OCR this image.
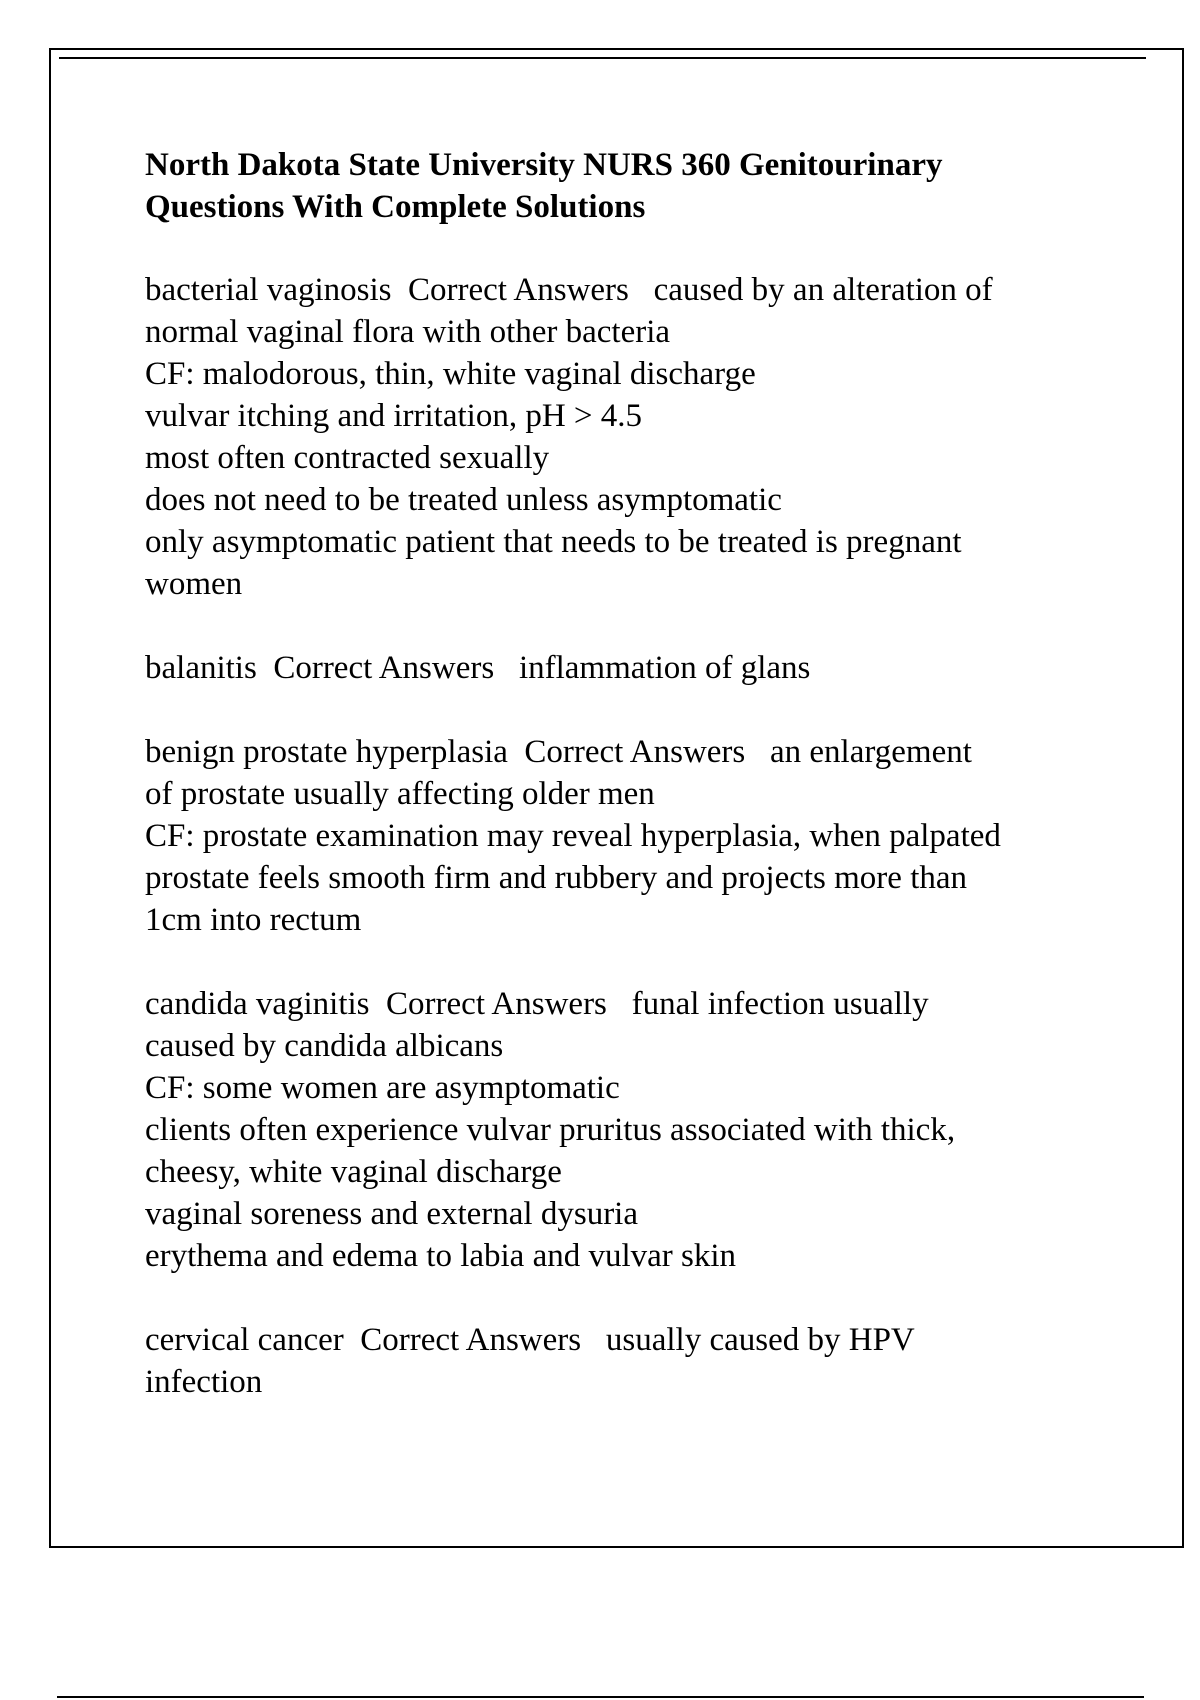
North Dakota State University NURS 360 Genitourinary
Questions With Complete Solutions
bacterial vaginosis Correct Answers caused by an alteration of
normal vaginal flora with other bacteria
CF: malodorous, thin, white vaginal discharge
vulvar itching and irritation, pH > 4.5
most often contracted sexually
does not need to be treated unless asymptomatic
only asymptomatic patient that needs to be treated is pregnant
women
balanitis Correct Answers inflammation of glans
benign prostate hyperplasia Correct Answers an enlargement
of prostate usually affecting older men
CF: prostate examination may reveal hyperplasia, when palpated
prostate feels smooth firm and rubbery and projects more than
1cm into rectum
candida vaginitis Correct Answers funal infection usually
caused by candida albicans
CF: some women are asymptomatic
clients often experience vulvar pruritus associated with thick,
cheesy, white vaginal discharge
vaginal soreness and external dysuria
erythema and edema to labia and vulvar skin
cervical cancer Correct Answers usually caused by HPV
infection
